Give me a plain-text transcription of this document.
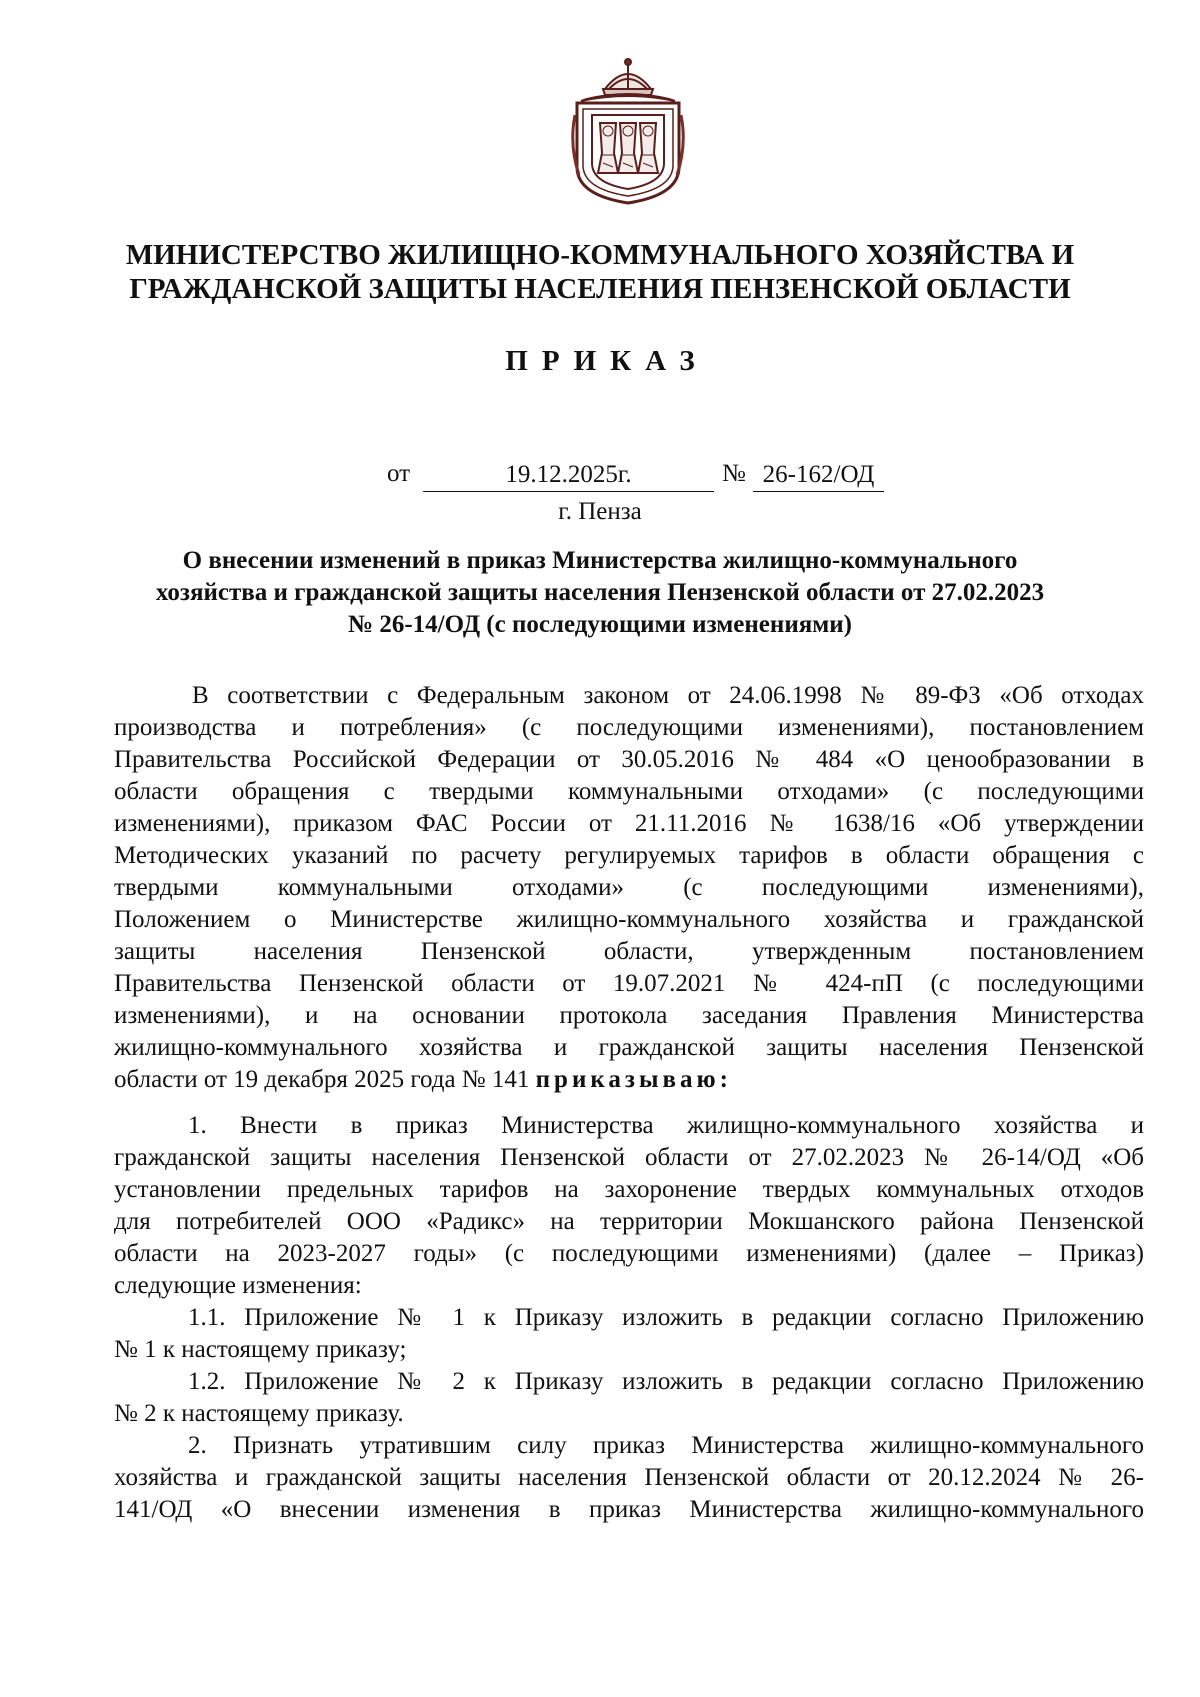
МИНИСТЕРСТВО ЖИЛИЩНО-КОММУНАЛЬНОГО ХОЗЯЙСТВА И
ГРАЖДАНСКОЙ ЗАЩИТЫ НАСЕЛЕНИЯ ПЕНЗЕНСКОЙ ОБЛАСТИ
ПРИКАЗ
от	19.12.2025г.	№ 26-162/ОД
г. Пенза
О внесении изменений в приказ Министерства жилищно-коммунального
хозяйства и гражданской защиты населения Пензенской области от 27.02.2023
№ 26-14/ОД (с последующими изменениями)
В соответствии с Федеральным законом от 24.06.1998 № 89-ФЗ «Об отходах
производства и потребления» (с последующими изменениями), постановлением
Правительства Российской Федерации от 30.05.2016 № 484 «О ценообразовании в
области обращения с твердыми коммунальными отходами» (с последующими
изменениями), приказом ФАС России от 21.11.2016 № 1638/16 «Об утверждении
Методических указаний по расчету регулируемых тарифов в области обращения с
твердыми коммунальными отходами» (с последующими изменениями),
Положением о Министерстве жилищно-коммунального хозяйства и гражданской
защиты населения Пензенской области, утвержденным постановлением
Правительства Пензенской области от 19.07.2021 № 424-пП (с последующими
изменениями), и на основании протокола заседания Правления Министерства
жилищно-коммунального хозяйства и гражданской защиты населения Пензенской
области от 19 декабря 2025 года № 141 приказываю:
1. Внести в приказ Министерства жилищно-коммунального хозяйства и
гражданской защиты населения Пензенской области от 27.02.2023 № 26-14/ОД «Об
установлении предельных тарифов на захоронение твердых коммунальных отходов
для потребителей ООО «Радикс» на территории Мокшанского района Пензенской
области на 2023-2027 годы» (с последующими изменениями) (далее – Приказ)
следующие изменения:
1.1. Приложение № 1 к Приказу изложить в редакции согласно Приложению
№ 1 к настоящему приказу;
1.2. Приложение № 2 к Приказу изложить в редакции согласно Приложению
№ 2 к настоящему приказу.
2. Признать утратившим силу приказ Министерства жилищно-коммунального
хозяйства и гражданской защиты населения Пензенской области от 20.12.2024 № 26-
141/ОД «О внесении изменения в приказ Министерства жилищно-коммунального
